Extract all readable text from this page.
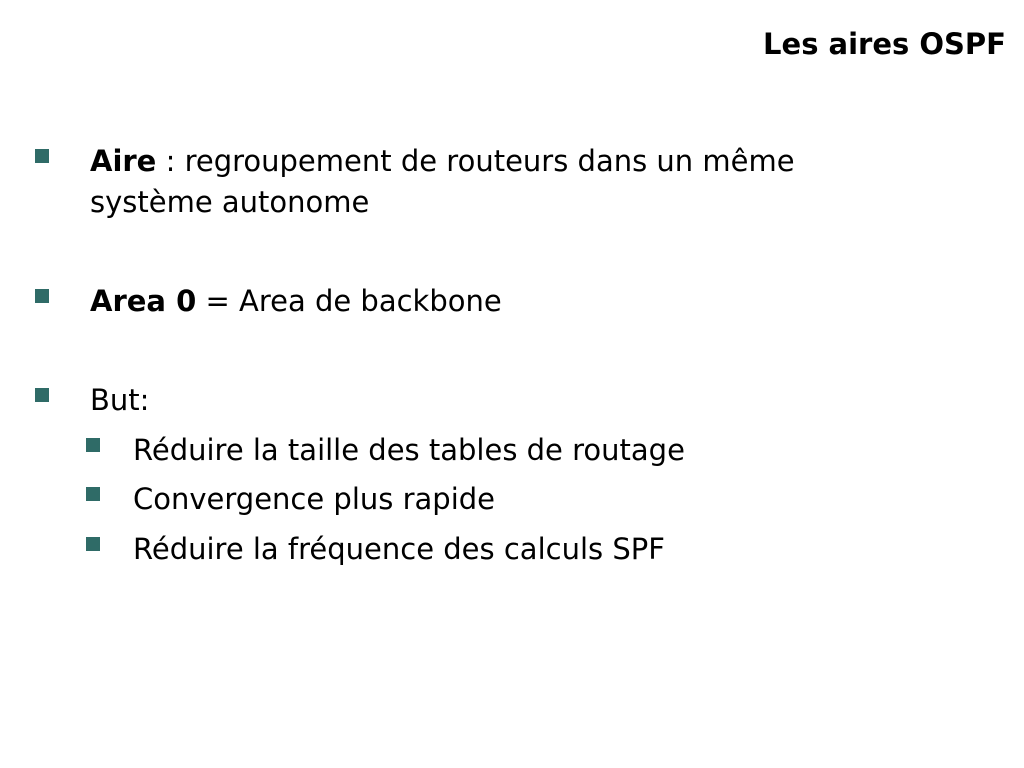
Les aires OSPF
Aire : regroupement de routeurs dans un même
système autonome
Area 0 = Area de backbone
But:
Réduire la taille des tables de routage
Convergence plus rapide
Réduire la fréquence des calculs SPF
